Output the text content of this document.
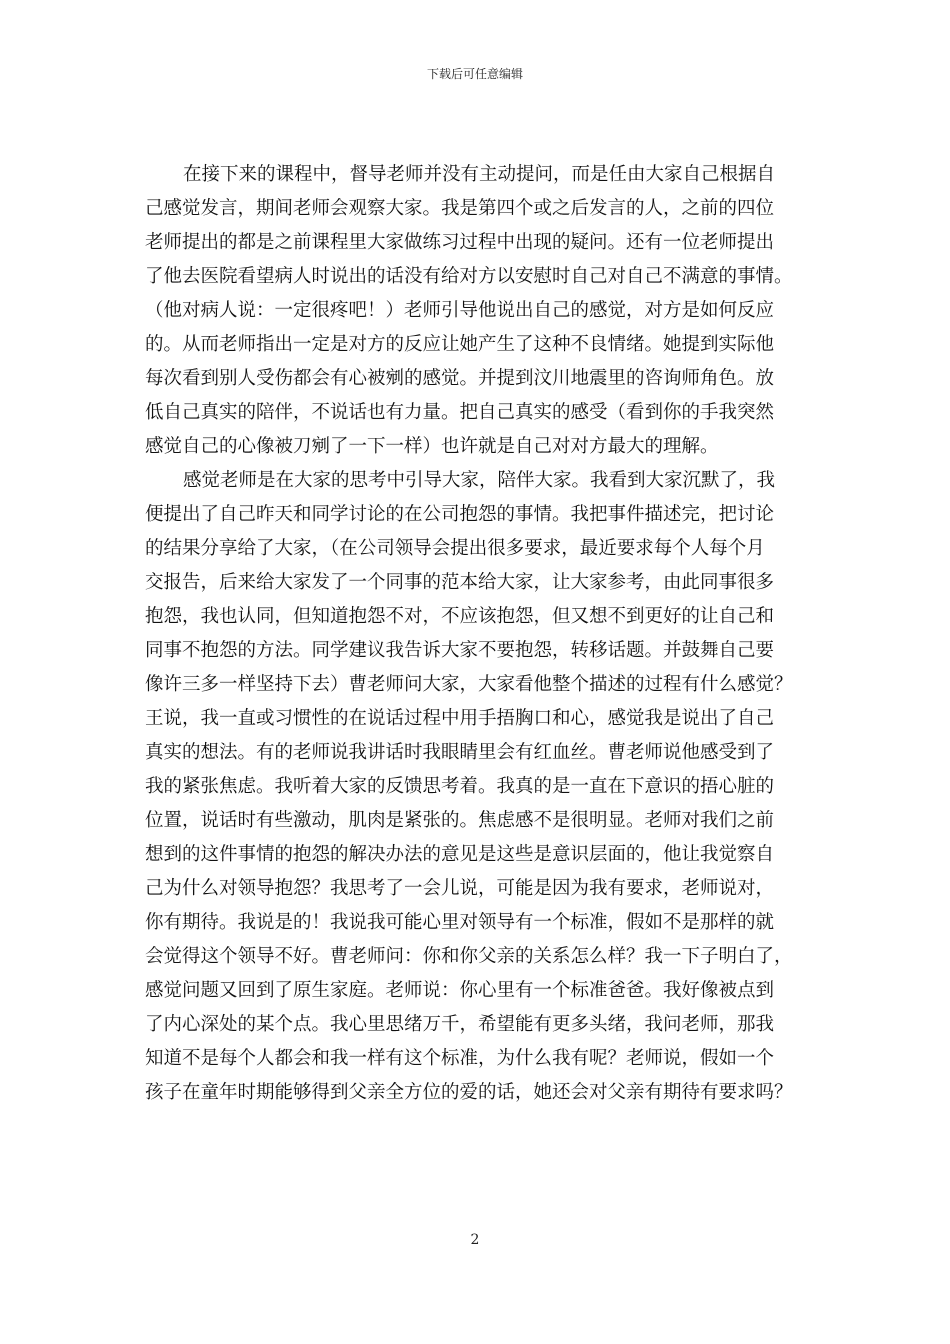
下载后可任意编辑
在接下来的课程中，督导老师并没有主动提问，而是任由大家自己根据自
己感觉发言，期间老师会观察大家。我是第四个或之后发言的人，之前的四位
老师提出的都是之前课程里大家做练习过程中出现的疑问。还有一位老师提出
了他去医院看望病人时说出的话没有给对方以安慰时自己对自己不满意的事情。
（他对病人说：一定很疼吧！）老师引导他说出自己的感觉，对方是如何反应
的。从而老师指出一定是对方的反应让她产生了这种不良情绪。她提到实际他
每次看到别人受伤都会有心被剜的感觉。并提到汶川地震里的咨询师角色。放
低自己真实的陪伴，不说话也有力量。把自己真实的感受（看到你的手我突然
感觉自己的心像被刀剜了一下一样）也许就是自己对对方最大的理解。
感觉老师是在大家的思考中引导大家，陪伴大家。我看到大家沉默了，我
便提出了自己昨天和同学讨论的在公司抱怨的事情。我把事件描述完，把讨论
的结果分享给了大家，（在公司领导会提出很多要求，最近要求每个人每个月
交报告，后来给大家发了一个同事的范本给大家，让大家参考，由此同事很多
抱怨，我也认同，但知道抱怨不对，不应该抱怨，但又想不到更好的让自己和
同事不抱怨的方法。同学建议我告诉大家不要抱怨，转移话题。并鼓舞自己要
像许三多一样坚持下去）曹老师问大家，大家看他整个描述的过程有什么感觉？
王说，我一直或习惯性的在说话过程中用手捂胸口和心，感觉我是说出了自己
真实的想法。有的老师说我讲话时我眼睛里会有红血丝。曹老师说他感受到了
我的紧张焦虑。我听着大家的反馈思考着。我真的是一直在下意识的捂心脏的
位置，说话时有些激动，肌肉是紧张的。焦虑感不是很明显。老师对我们之前
想到的这件事情的抱怨的解决办法的意见是这些是意识层面的，他让我觉察自
己为什么对领导抱怨？我思考了一会儿说，可能是因为我有要求，老师说对，
你有期待。我说是的！我说我可能心里对领导有一个标准，假如不是那样的就
会觉得这个领导不好。曹老师问：你和你父亲的关系怎么样？我一下子明白了，
感觉问题又回到了原生家庭。老师说：你心里有一个标准爸爸。我好像被点到
了内心深处的某个点。我心里思绪万千，希望能有更多头绪，我问老师，那我
知道不是每个人都会和我一样有这个标准，为什么我有呢？老师说，假如一个
孩子在童年时期能够得到父亲全方位的爱的话，她还会对父亲有期待有要求吗？
2
